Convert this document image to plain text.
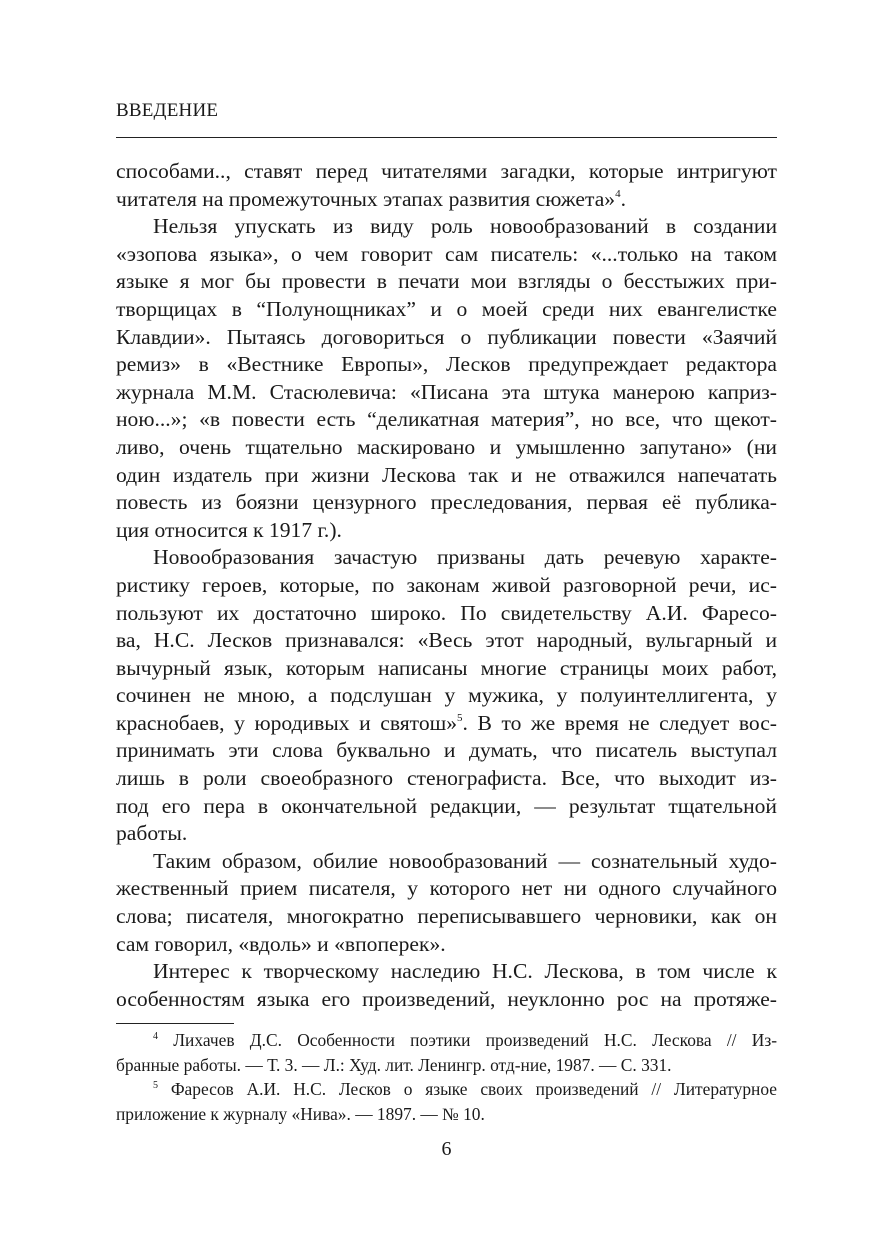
ВВЕДЕНИЕ
способами.., ставят перед читателями загадки, которые интригуют
читателя на промежуточных этапах развития сюжета»$^4$.
Нельзя упускать из виду роль новообразований в создании
«эзопова языка», о чем говорит сам писатель: «...только на таком
языке я мог бы провести в печати мои взгляды о бесстыжих при-
творщицах в “Полунощниках” и о моей среди них евангелистке
Клавдии». Пытаясь договориться о публикации повести «Заячий
ремиз» в «Вестнике Европы», Лесков предупреждает редактора
журнала М.М. Стасюлевича: «Писана эта штука манерою каприз-
ною...»; «в повести есть “деликатная материя”, но все, что щекот-
ливо, очень тщательно маскировано и умышленно запутано» (ни
один издатель при жизни Лескова так и не отважился напечатать
повесть из боязни цензурного преследования, первая её публика-
ция относится к 1917 г.).
Новообразования зачастую призваны дать речевую характе-
ристику героев, которые, по законам живой разговорной речи, ис-
пользуют их достаточно широко. По свидетельству А.И. Фаресо-
ва, Н.С. Лесков признавался: «Весь этот народный, вульгарный и
вычурный язык, которым написаны многие страницы моих работ,
сочинен не мною, а подслушан у мужика, у полуинтеллигента, у
краснобаев, у юродивых и святош»$^5$. В то же время не следует вос-
принимать эти слова буквально и думать, что писатель выступал
лишь в роли своеобразного стенографиста. Все, что выходит из-
под его пера в окончательной редакции, — результат тщательной
работы.
Таким образом, обилие новообразований — сознательный худо-
жественный прием писателя, у которого нет ни одного случайного
слова; писателя, многократно переписывавшего черновики, как он
сам говорил, «вдоль» и «впоперек».
Интерес к творческому наследию Н.С. Лескова, в том числе к
особенностям языка его произведений, неуклонно рос на протяже-
$^4$ Лихачев Д.С. Особенности поэтики произведений Н.С. Лескова // Из-
бранные работы. — Т. 3. — Л.: Худ. лит. Ленингр. отд-ние, 1987. — С. 331.
$^5$ Фаресов А.И. Н.С. Лесков о языке своих произведений // Литературное
приложение к журналу «Нива». — 1897. — № 10.
6
